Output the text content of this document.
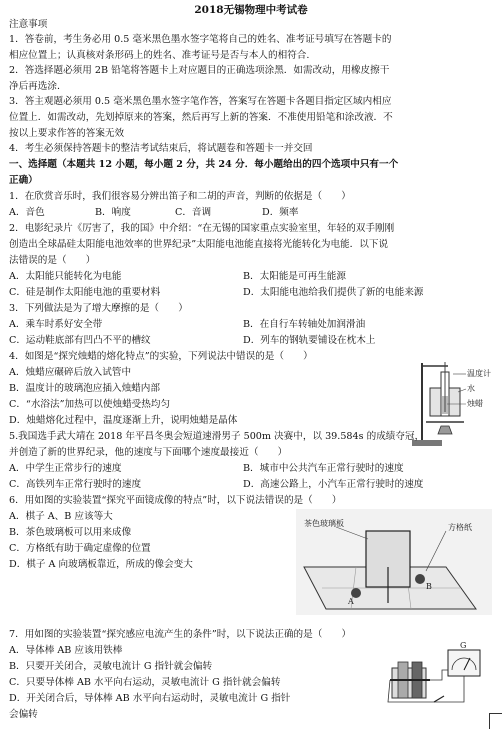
2018无锡物理中考试卷
注意事项
1．答卷前，考生务必用 0.5 毫米黑色墨水签字笔将自己的姓名、准考证号填写在答题卡的
相应位置上；认真核对条形码上的姓名、准考证号是否与本人的相符合.
2．答选择题必须用 2B 铅笔将答题卡上对应题目的正确选项涂黑．如需改动，用橡皮擦干
净后再选涂．
3．答主观题必须用 0.5 毫米黑色墨水签字笔作答，答案写在答题卡各题目指定区域内相应
位置上．如需改动，先划掉原来的答案，然后再写上新的答案．不准使用铅笔和涂改液．不
按以上要求作答的答案无效
4．考生必须保持答题卡的整洁考试结束后，将试题卷和答题卡一并交回
一、选择题（本题共 12 小题，每小题 2 分，共 24 分．每小题给出的四个选项中只有一个
正确）
1．在欣赏音乐时，我们很容易分辨出笛子和二胡的声音，判断的依据是（　　）
A．音色	B．响度	C．音调	D．频率
2．电影纪录片《厉害了，我的国》中介绍：“在无锡的国家重点实验室里，年轻的双手刚刚
创造出全球晶硅太阳能电池效率的世界纪录”太阳能电池能直接将光能转化为电能．以下说
法错误的是（　　）
A．太阳能只能转化为电能	B．太阳能是可再生能源
C．硅是制作太阳能电池的重要材料	D．太阳能电池给我们提供了新的电能来源
3．下列做法是为了增大摩擦的是（　　）
A．乘车时系好安全带	B．在自行车转轴处加润滑油
C．运动鞋底部有凹凸不平的槽纹	D．列车的钢轨要铺设在枕木上
4．如图是“探究烛蜡的熔化特点”的实验，下列说法中错误的是（　　）
A．烛蜡应碾碎后放入试管中
B．温度计的玻璃泡应插入烛蜡内部
C．“水浴法”加热可以使烛蜡受热均匀
D．烛蜡熔化过程中，温度逐渐上升，说明烛蜡是晶体
温度计
水
烛蜡
5.我国选手武大靖在 2018 年平昌冬奥会短道速滑男子 500m 决赛中，以 39.584s 的成绩夺冠，
并创造了新的世界纪录，他的速度与下面哪个速度最接近（　　）
A．中学生正常步行的速度	B．城市中公共汽车正常行驶时的速度
C．高铁列车正常行驶时的速度	D．高速公路上，小汽车正常行驶时的速度
6．用如图的实验装置“探究平面镜成像的特点”时，以下说法错误的是（　　）
A．棋子 A、B 应该等大
B．茶色玻璃板可以用来成像
C．方格纸有助于确定虚像的位置
D．棋子 A 向玻璃板靠近，所成的像会变大
茶色玻璃板	方格纸
A
B
7．用如图的实验装置“探究感应电流产生的条件”时，以下说法正确的是（　　）
A．导体棒 AB 应该用铁棒
B．只要开关闭合，灵敏电流计 G 指针就会偏转
C．只要导体棒 AB 水平向右运动，灵敏电流计 G 指针就会偏转
D．开关闭合后，导体棒 AB 水平向右运动时，灵敏电流计 G 指针
会偏转
G
